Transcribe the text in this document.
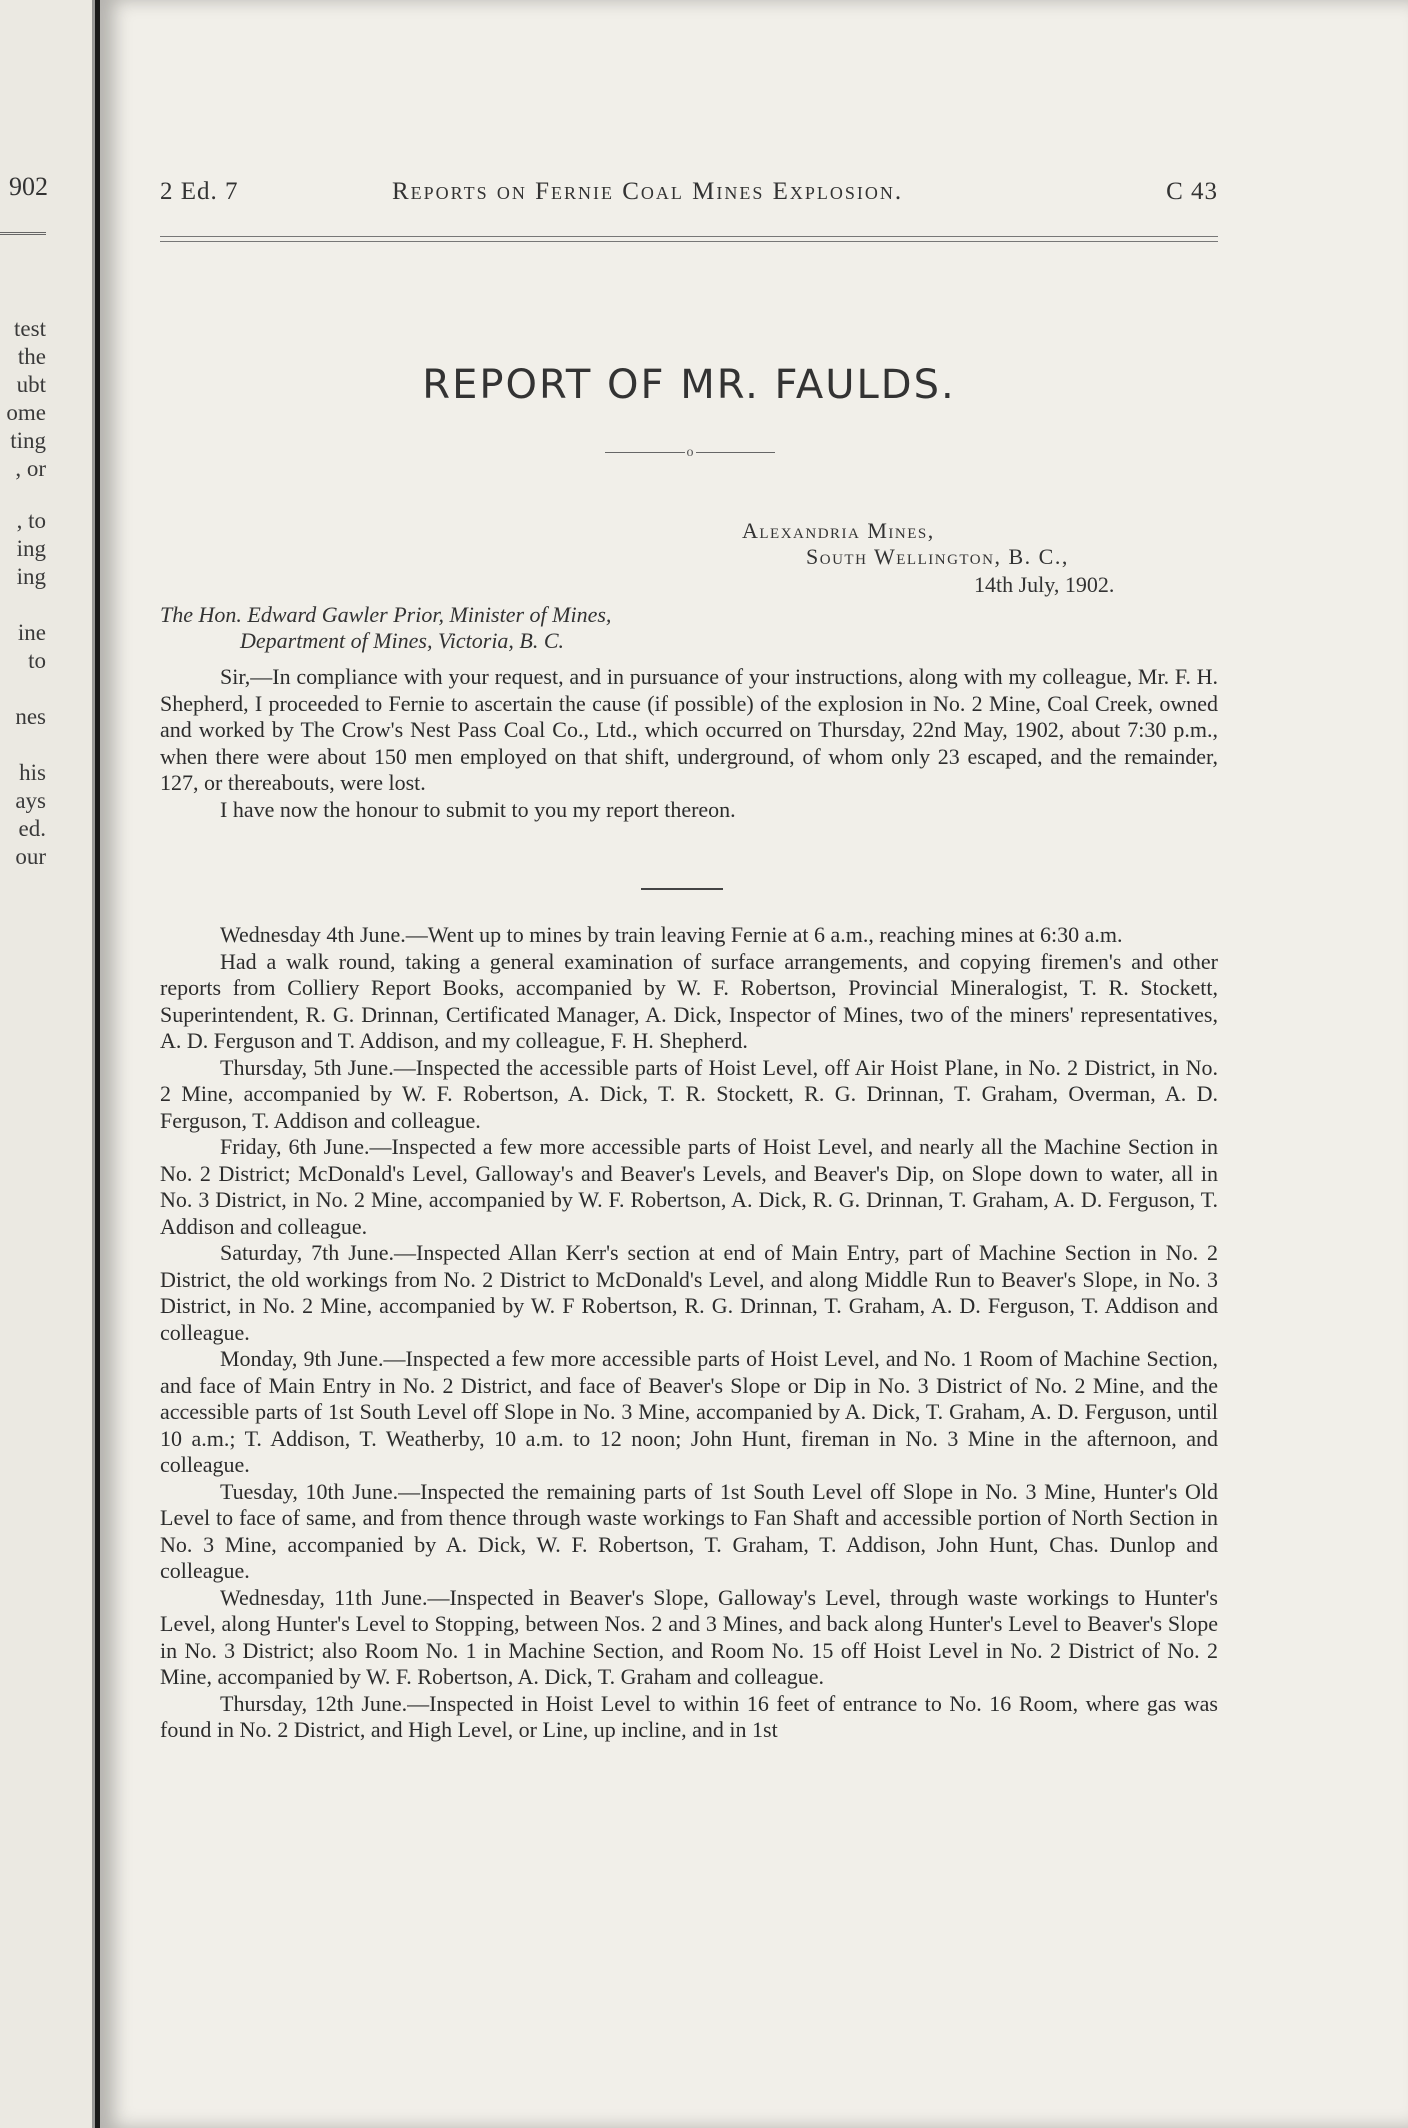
902
test
the
ubt
ome
ting
, or
, to
ing
ing
ine
to
nes
his
ays
ed.
our
2 Ed. 7	Reports on Fernie Coal Mines Explosion.	C 43
REPORT OF MR. FAULDS.
o
Alexandria Mines,
South Wellington, B. C.,
14th July, 1902.
The Hon. Edward Gawler Prior, Minister of Mines,
Department of Mines, Victoria, B. C.

Sir,—In compliance with your request, and in pursuance of your instructions, along with my colleague, Mr. F. H. Shepherd, I proceeded to Fernie to ascertain the cause (if possible) of the explosion in No. 2 Mine, Coal Creek, owned and worked by The Crow's Nest Pass Coal Co., Ltd., which occurred on Thursday, 22nd May, 1902, about 7:30 p.m., when there were about 150 men employed on that shift, underground, of whom only 23 escaped, and the remainder, 127, or thereabouts, were lost.

I have now the honour to submit to you my report thereon.

Wednesday 4th June.—Went up to mines by train leaving Fernie at 6 a.m., reaching mines at 6:30 a.m.

Had a walk round, taking a general examination of surface arrangements, and copying firemen's and other reports from Colliery Report Books, accompanied by W. F. Robertson, Provincial Mineralogist, T. R. Stockett, Superintendent, R. G. Drinnan, Certificated Manager, A. Dick, Inspector of Mines, two of the miners' representatives, A. D. Ferguson and T. Addison, and my colleague, F. H. Shepherd.

Thursday, 5th June.—Inspected the accessible parts of Hoist Level, off Air Hoist Plane, in No. 2 District, in No. 2 Mine, accompanied by W. F. Robertson, A. Dick, T. R. Stockett, R. G. Drinnan, T. Graham, Overman, A. D. Ferguson, T. Addison and colleague.

Friday, 6th June.—Inspected a few more accessible parts of Hoist Level, and nearly all the Machine Section in No. 2 District; McDonald's Level, Galloway's and Beaver's Levels, and Beaver's Dip, on Slope down to water, all in No. 3 District, in No. 2 Mine, accompanied by W. F. Robertson, A. Dick, R. G. Drinnan, T. Graham, A. D. Ferguson, T. Addison and colleague.

Saturday, 7th June.—Inspected Allan Kerr's section at end of Main Entry, part of Machine Section in No. 2 District, the old workings from No. 2 District to McDonald's Level, and along Middle Run to Beaver's Slope, in No. 3 District, in No. 2 Mine, accompanied by W. F Robertson, R. G. Drinnan, T. Graham, A. D. Ferguson, T. Addison and colleague.

Monday, 9th June.—Inspected a few more accessible parts of Hoist Level, and No. 1 Room of Machine Section, and face of Main Entry in No. 2 District, and face of Beaver's Slope or Dip in No. 3 District of No. 2 Mine, and the accessible parts of 1st South Level off Slope in No. 3 Mine, accompanied by A. Dick, T. Graham, A. D. Ferguson, until 10 a.m.; T. Addison, T. Weatherby, 10 a.m. to 12 noon; John Hunt, fireman in No. 3 Mine in the afternoon, and colleague.

Tuesday, 10th June.—Inspected the remaining parts of 1st South Level off Slope in No. 3 Mine, Hunter's Old Level to face of same, and from thence through waste workings to Fan Shaft and accessible portion of North Section in No. 3 Mine, accompanied by A. Dick, W. F. Robertson, T. Graham, T. Addison, John Hunt, Chas. Dunlop and colleague.

Wednesday, 11th June.—Inspected in Beaver's Slope, Galloway's Level, through waste workings to Hunter's Level, along Hunter's Level to Stopping, between Nos. 2 and 3 Mines, and back along Hunter's Level to Beaver's Slope in No. 3 District; also Room No. 1 in Machine Section, and Room No. 15 off Hoist Level in No. 2 District of No. 2 Mine, accompanied by W. F. Robertson, A. Dick, T. Graham and colleague.

Thursday, 12th June.—Inspected in Hoist Level to within 16 feet of entrance to No. 16 Room, where gas was found in No. 2 District, and High Level, or Line, up incline, and in 1st
